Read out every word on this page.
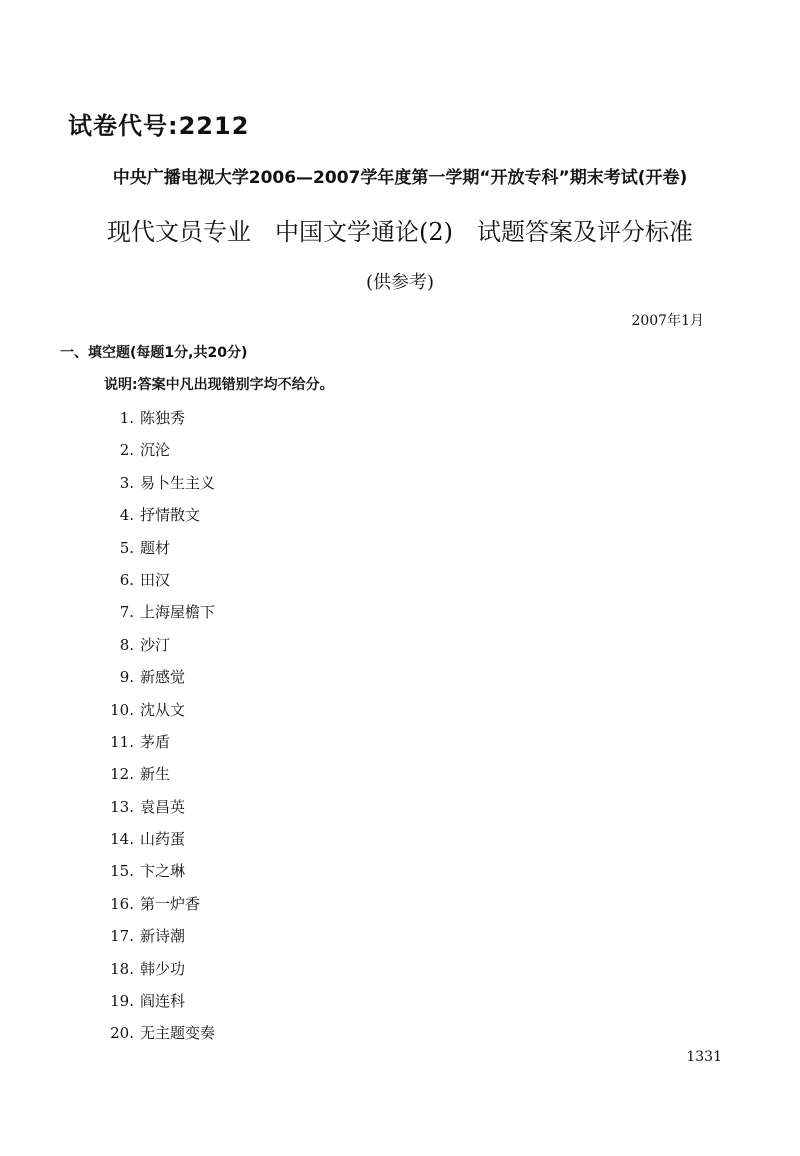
试卷代号:2212
中央广播电视大学2006—2007学年度第一学期“开放专科”期末考试(开卷)
现代文员专业　中国文学通论(2)　试题答案及评分标准
(供参考)
2007年1月
一、填空题(每题1分,共20分)
说明:答案中凡出现错别字均不给分。
1. 陈独秀
2. 沉沦
3. 易卜生主义
4. 抒情散文
5. 题材
6. 田汉
7. 上海屋檐下
8. 沙汀
9. 新感觉
10. 沈从文
11. 茅盾
12. 新生
13. 袁昌英
14. 山药蛋
15. 卞之琳
16. 第一炉香
17. 新诗潮
18. 韩少功
19. 阎连科
20. 无主题变奏
1331
